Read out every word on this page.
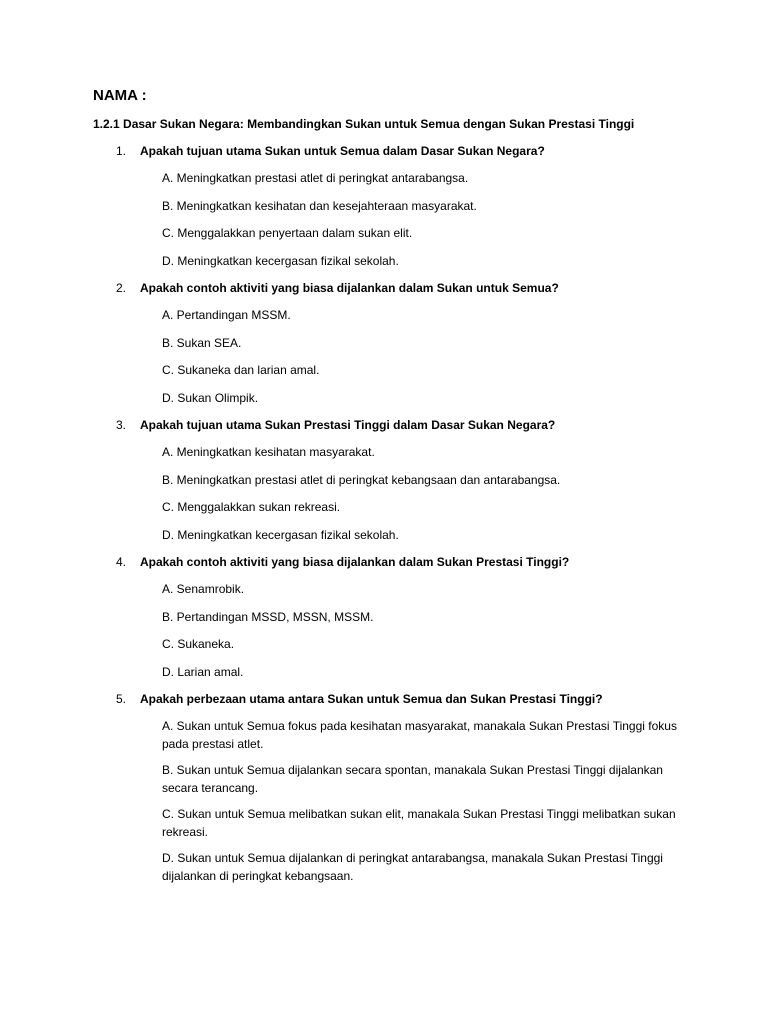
NAMA :
1.2.1 Dasar Sukan Negara: Membandingkan Sukan untuk Semua dengan Sukan Prestasi Tinggi
1. Apakah tujuan utama Sukan untuk Semua dalam Dasar Sukan Negara?
A. Meningkatkan prestasi atlet di peringkat antarabangsa.
B. Meningkatkan kesihatan dan kesejahteraan masyarakat.
C. Menggalakkan penyertaan dalam sukan elit.
D. Meningkatkan kecergasan fizikal sekolah.
2. Apakah contoh aktiviti yang biasa dijalankan dalam Sukan untuk Semua?
A. Pertandingan MSSM.
B. Sukan SEA.
C. Sukaneka dan larian amal.
D. Sukan Olimpik.
3. Apakah tujuan utama Sukan Prestasi Tinggi dalam Dasar Sukan Negara?
A. Meningkatkan kesihatan masyarakat.
B. Meningkatkan prestasi atlet di peringkat kebangsaan dan antarabangsa.
C. Menggalakkan sukan rekreasi.
D. Meningkatkan kecergasan fizikal sekolah.
4. Apakah contoh aktiviti yang biasa dijalankan dalam Sukan Prestasi Tinggi?
A. Senamrobik.
B. Pertandingan MSSD, MSSN, MSSM.
C. Sukaneka.
D. Larian amal.
5. Apakah perbezaan utama antara Sukan untuk Semua dan Sukan Prestasi Tinggi?
A. Sukan untuk Semua fokus pada kesihatan masyarakat, manakala Sukan Prestasi Tinggi fokus pada prestasi atlet.
B. Sukan untuk Semua dijalankan secara spontan, manakala Sukan Prestasi Tinggi dijalankan secara terancang.
C. Sukan untuk Semua melibatkan sukan elit, manakala Sukan Prestasi Tinggi melibatkan sukan rekreasi.
D. Sukan untuk Semua dijalankan di peringkat antarabangsa, manakala Sukan Prestasi Tinggi dijalankan di peringkat kebangsaan.
